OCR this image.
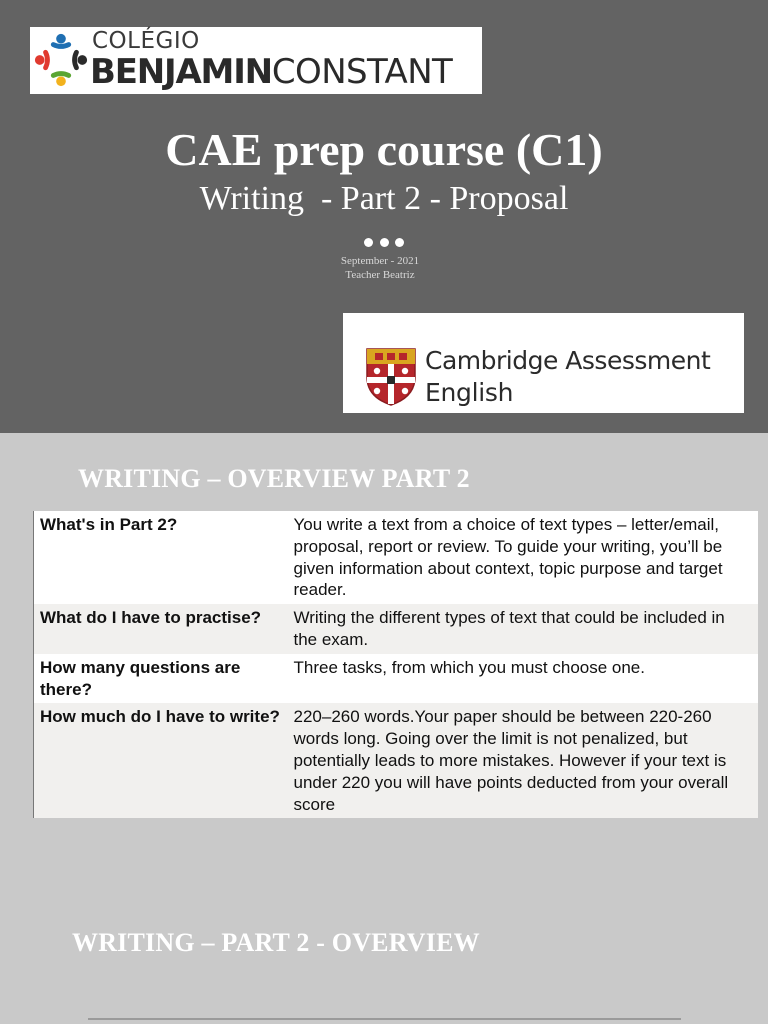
COLÉGIO
BENJAMINCONSTANT
CAE prep course (C1)
Writing  - Part 2 - Proposal
September - 2021
Teacher Beatriz
Cambridge Assessment
English
WRITING – OVERVIEW PART 2
What's in Part 2?	You write a text from a choice of text types – letter/email, proposal, report or review. To guide your writing, you’ll be given information about context, topic purpose and target reader.
What do I have to practise?	Writing the different types of text that could be included in the exam.
How many questions are there?	Three tasks, from which you must choose one.
How much do I have to write?	220–260 words.Your paper should be between 220-260 words long. Going over the limit is not penalized, but potentially leads to more mistakes. However if your text is under 220 you will have points deducted from your overall score
WRITING – PART 2 - OVERVIEW
